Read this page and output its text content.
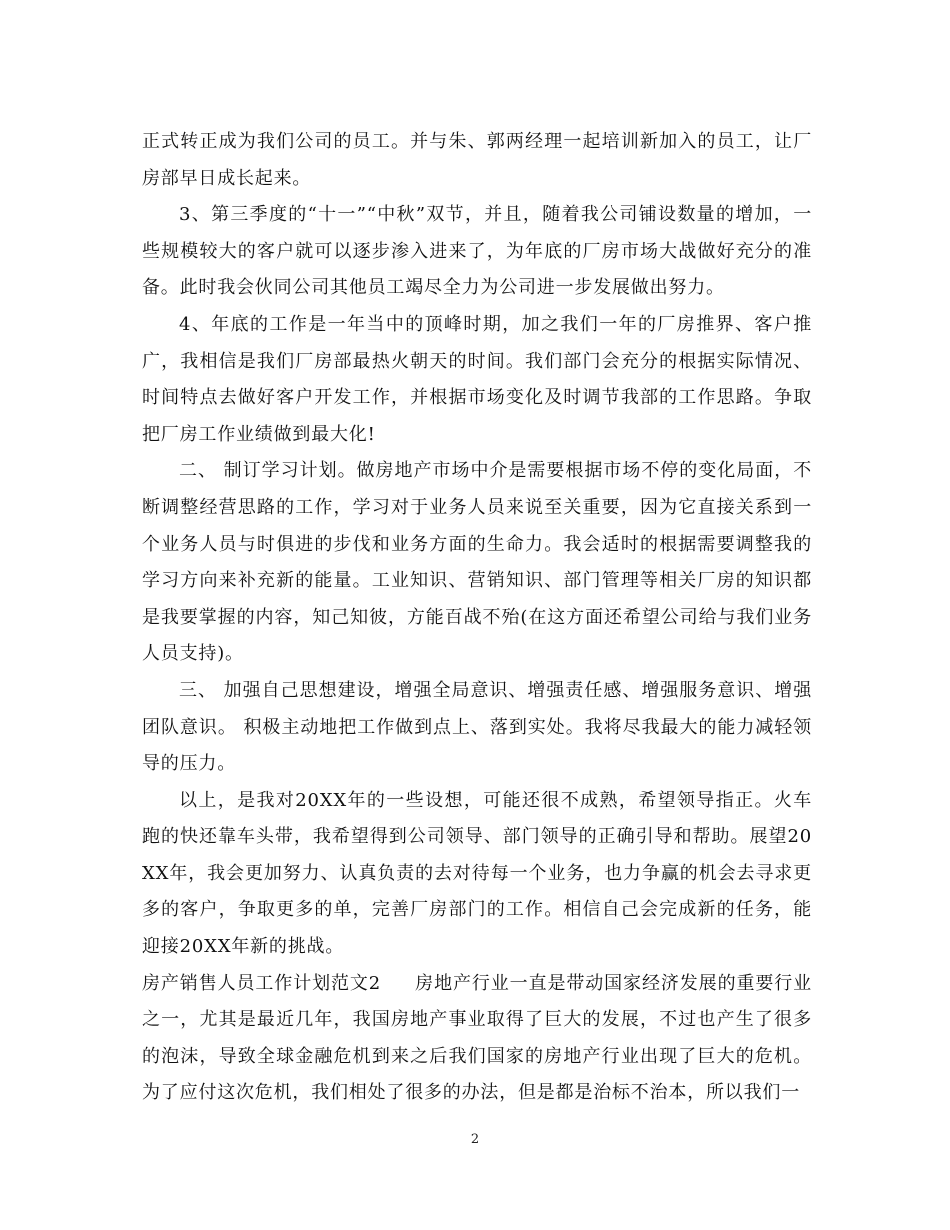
正式转正成为我们公司的员工。并与朱、郭两经理一起培训新加入的员工，让厂房部早日成长起来。

3、第三季度的“十一”“中秋”双节，并且，随着我公司铺设数量的增加，一些规模较大的客户就可以逐步渗入进来了，为年底的厂房市场大战做好充分的准备。此时我会伙同公司其他员工竭尽全力为公司进一步发展做出努力。

4、年底的工作是一年当中的顶峰时期，加之我们一年的厂房推界、客户推广，我相信是我们厂房部最热火朝天的时间。我们部门会充分的根据实际情况、时间特点去做好客户开发工作，并根据市场变化及时调节我部的工作思路。争取把厂房工作业绩做到最大化!

二、 制订学习计划。做房地产市场中介是需要根据市场不停的变化局面，不断调整经营思路的工作，学习对于业务人员来说至关重要，因为它直接关系到一个业务人员与时俱进的步伐和业务方面的生命力。我会适时的根据需要调整我的学习方向来补充新的能量。工业知识、营销知识、部门管理等相关厂房的知识都是我要掌握的内容，知己知彼，方能百战不殆(在这方面还希望公司给与我们业务人员支持)。

三、 加强自己思想建设，增强全局意识、增强责任感、增强服务意识、增强团队意识。 积极主动地把工作做到点上、落到实处。我将尽我最大的能力减轻领导的压力。

以上，是我对20XX年的一些设想，可能还很不成熟，希望领导指正。火车跑的快还靠车头带，我希望得到公司领导、部门领导的正确引导和帮助。展望20XX年，我会更加努力、认真负责的去对待每一个业务，也力争赢的机会去寻求更多的客户，争取更多的单，完善厂房部门的工作。相信自己会完成新的任务，能迎接20XX年新的挑战。

房产销售人员工作计划范文2 房地产行业一直是带动国家经济发展的重要行业之一，尤其是最近几年，我国房地产事业取得了巨大的发展，不过也产生了很多的泡沫，导致全球金融危机到来之后我们国家的房地产行业出现了巨大的危机。为了应付这次危机，我们相处了很多的办法，但是都是治标不治本，所以我们一

2
